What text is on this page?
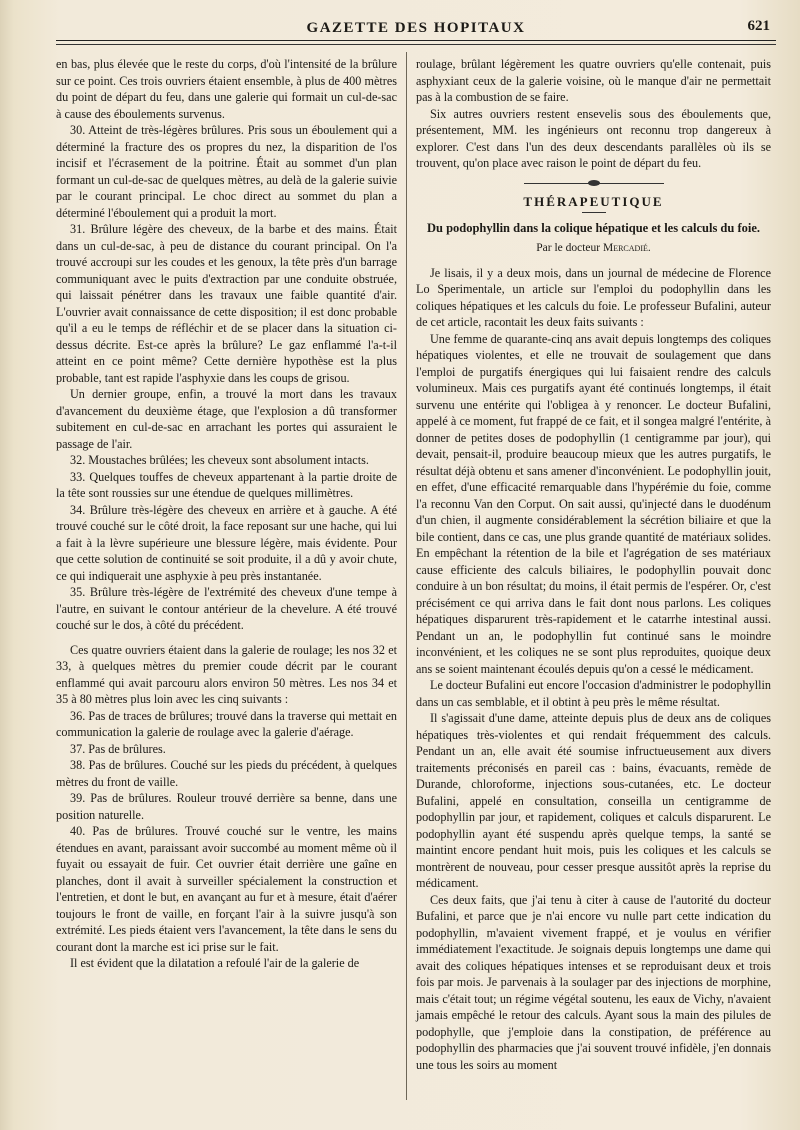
GAZETTE DES HOPITAUX	621

en bas, plus élevée que le reste du corps, d'où l'intensité de la brûlure sur ce point. Ces trois ouvriers étaient ensemble, à plus de 400 mètres du point de départ du feu, dans une galerie qui formait un cul-de-sac à cause des éboulements survenus.

30. Atteint de très-légères brûlures. Pris sous un éboulement qui a déterminé la fracture des os propres du nez, la disparition de l'os incisif et l'écrasement de la poitrine. Était au sommet d'un plan formant un cul-de-sac de quelques mètres, au delà de la galerie suivie par le courant principal. Le choc direct au sommet du plan a déterminé l'éboulement qui a produit la mort.

31. Brûlure légère des cheveux, de la barbe et des mains. Était dans un cul-de-sac, à peu de distance du courant principal. On l'a trouvé accroupi sur les coudes et les genoux, la tête près d'un barrage communiquant avec le puits d'extraction par une conduite obstruée, qui laissait pénétrer dans les travaux une faible quantité d'air. L'ouvrier avait connaissance de cette disposition; il est donc probable qu'il a eu le temps de réfléchir et de se placer dans la situation ci-dessus décrite. Est-ce après la brûlure? Le gaz enflammé l'a-t-il atteint en ce point même? Cette dernière hypothèse est la plus probable, tant est rapide l'asphyxie dans les coups de grisou.

Un dernier groupe, enfin, a trouvé la mort dans les travaux d'avancement du deuxième étage, que l'explosion a dû transformer subitement en cul-de-sac en arrachant les portes qui assuraient le passage de l'air.

32. Moustaches brûlées; les cheveux sont absolument intacts.

33. Quelques touffes de cheveux appartenant à la partie droite de la tête sont roussies sur une étendue de quelques millimètres.

34. Brûlure très-légère des cheveux en arrière et à gauche. A été trouvé couché sur le côté droit, la face reposant sur une hache, qui lui a fait à la lèvre supérieure une blessure légère, mais évidente. Pour que cette solution de continuité se soit produite, il a dû y avoir chute, ce qui indiquerait une asphyxie à peu près instantanée.

35. Brûlure très-légère de l'extrémité des cheveux d'une tempe à l'autre, en suivant le contour antérieur de la chevelure. A été trouvé couché sur le dos, à côté du précédent.

Ces quatre ouvriers étaient dans la galerie de roulage; les nos 32 et 33, à quelques mètres du premier coude décrit par le courant enflammé qui avait parcouru alors environ 50 mètres. Les nos 34 et 35 à 80 mètres plus loin avec les cinq suivants :

36. Pas de traces de brûlures; trouvé dans la traverse qui mettait en communication la galerie de roulage avec la galerie d'aérage.

37. Pas de brûlures.

38. Pas de brûlures. Couché sur les pieds du précédent, à quelques mètres du front de vaille.

39. Pas de brûlures. Rouleur trouvé derrière sa benne, dans une position naturelle.

40. Pas de brûlures. Trouvé couché sur le ventre, les mains étendues en avant, paraissant avoir succombé au moment même où il fuyait ou essayait de fuir. Cet ouvrier était derrière une gaîne en planches, dont il avait à surveiller spécialement la construction et l'entretien, et dont le but, en avançant au fur et à mesure, était d'aérer toujours le front de vaille, en forçant l'air à la suivre jusqu'à son extrémité. Les pieds étaient vers l'avancement, la tête dans le sens du courant dont la marche est ici prise sur le fait.

Il est évident que la dilatation a refoulé l'air de la galerie de

roulage, brûlant légèrement les quatre ouvriers qu'elle contenait, puis asphyxiant ceux de la galerie voisine, où le manque d'air ne permettait pas à la combustion de se faire.

Six autres ouvriers restent ensevelis sous des éboulements que, présentement, MM. les ingénieurs ont reconnu trop dangereux à explorer. C'est dans l'un des deux descendants parallèles où ils se trouvent, qu'on place avec raison le point de départ du feu.

THÉRAPEUTIQUE
Du podophyllin dans la colique hépatique et les calculs du foie.
Par le docteur Mercadié.

Je lisais, il y a deux mois, dans un journal de médecine de Florence Lo Sperimentale, un article sur l'emploi du podophyllin dans les coliques hépatiques et les calculs du foie. Le professeur Bufalini, auteur de cet article, racontait les deux faits suivants :

Une femme de quarante-cinq ans avait depuis longtemps des coliques hépatiques violentes, et elle ne trouvait de soulagement que dans l'emploi de purgatifs énergiques qui lui faisaient rendre des calculs volumineux. Mais ces purgatifs ayant été continués longtemps, il était survenu une entérite qui l'obligea à y renoncer. Le docteur Bufalini, appelé à ce moment, fut frappé de ce fait, et il songea malgré l'entérite, à donner de petites doses de podophyllin (1 centigramme par jour), qui devait, pensait-il, produire beaucoup mieux que les autres purgatifs, le résultat déjà obtenu et sans amener d'inconvénient. Le podophyllin jouit, en effet, d'une efficacité remarquable dans l'hypérémie du foie, comme l'a reconnu Van den Corput. On sait aussi, qu'injecté dans le duodénum d'un chien, il augmente considérablement la sécrétion biliaire et que la bile contient, dans ce cas, une plus grande quantité de matériaux solides. En empêchant la rétention de la bile et l'agrégation de ses matériaux cause efficiente des calculs biliaires, le podophyllin pouvait donc conduire à un bon résultat; du moins, il était permis de l'espérer. Or, c'est précisément ce qui arriva dans le fait dont nous parlons. Les coliques hépatiques disparurent très-rapidement et le catarrhe intestinal aussi. Pendant un an, le podophyllin fut continué sans le moindre inconvénient, et les coliques ne se sont plus reproduites, quoique deux ans se soient maintenant écoulés depuis qu'on a cessé le médicament.

Le docteur Bufalini eut encore l'occasion d'administrer le podophyllin dans un cas semblable, et il obtint à peu près le même résultat.

Il s'agissait d'une dame, atteinte depuis plus de deux ans de coliques hépatiques très-violentes et qui rendait fréquemment des calculs. Pendant un an, elle avait été soumise infructueusement aux divers traitements préconisés en pareil cas : bains, évacuants, remède de Durande, chloroforme, injections sous-cutanées, etc. Le docteur Bufalini, appelé en consultation, conseilla un centigramme de podophyllin par jour, et rapidement, coliques et calculs disparurent. Le podophyllin ayant été suspendu après quelque temps, la santé se maintint encore pendant huit mois, puis les coliques et les calculs se montrèrent de nouveau, pour cesser presque aussitôt après la reprise du médicament.

Ces deux faits, que j'ai tenu à citer à cause de l'autorité du docteur Bufalini, et parce que je n'ai encore vu nulle part cette indication du podophyllin, m'avaient vivement frappé, et je voulus en vérifier immédiatement l'exactitude. Je soignais depuis longtemps une dame qui avait des coliques hépatiques intenses et se reproduisant deux et trois fois par mois. Je parvenais à la soulager par des injections de morphine, mais c'était tout; un régime végétal soutenu, les eaux de Vichy, n'avaient jamais empêché le retour des calculs. Ayant sous la main des pilules de podophylle, que j'emploie dans la constipation, de préférence au podophyllin des pharmacies que j'ai souvent trouvé infidèle, j'en donnais une tous les soirs au moment
